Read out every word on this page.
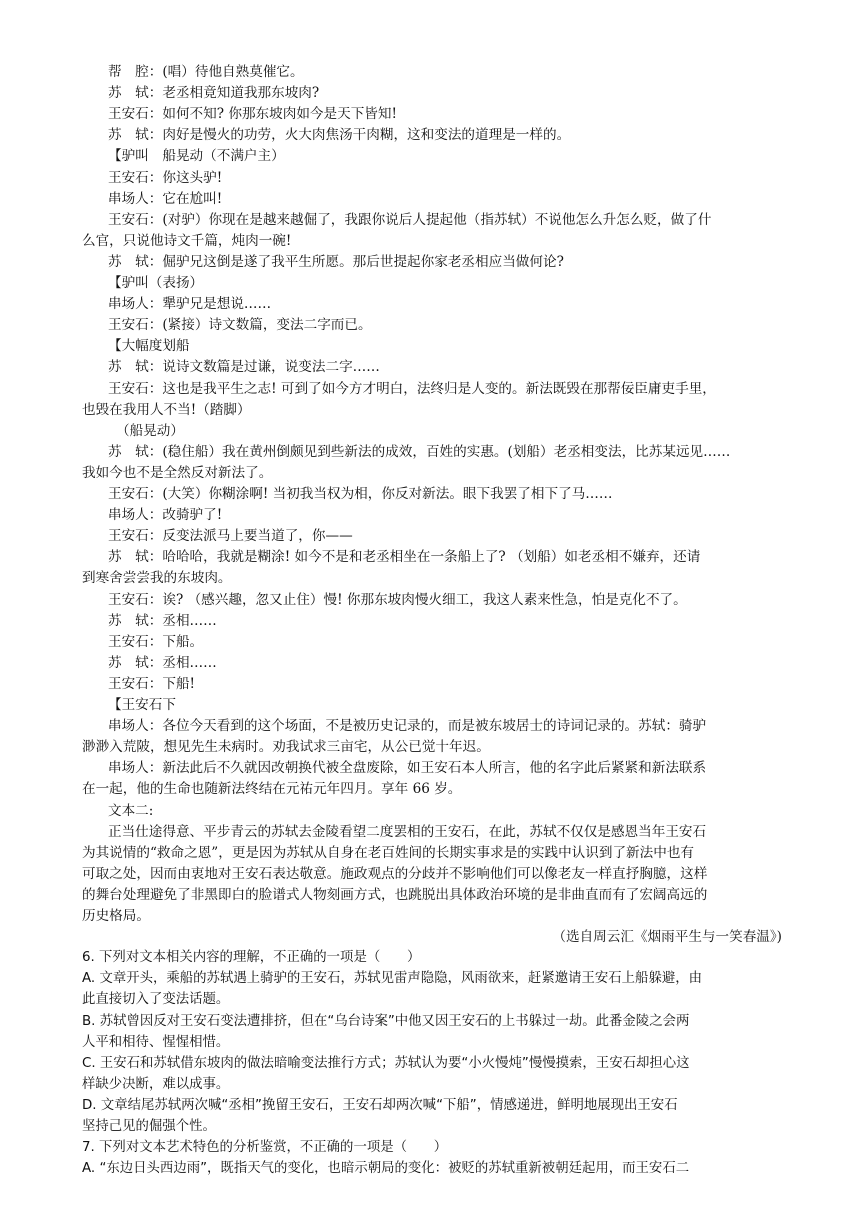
帮　腔：(唱）待他自熟莫催它。
苏　轼：老丞相竟知道我那东坡肉?
王安石：如何不知? 你那东坡肉如今是天下皆知!
苏　轼：肉好是慢火的功劳，火大肉焦汤干肉糊，这和变法的道理是一样的。
【驴叫　船晃动（不满户主）
王安石：你这头驴!
串场人：它在尬叫!
王安石：(对驴）你现在是越来越倔了，我跟你说后人提起他（指苏轼）不说他怎么升怎么贬，做了什
么官，只说他诗文千篇，炖肉一碗!
苏　轼：倔驴兄这倒是遂了我平生所愿。那后世提起你家老丞相应当做何论?
【驴叫（表扬）
串场人：犟驴兄是想说……
王安石：(紧接）诗文数篇，变法二字而已。
【大幅度划船
苏　轼：说诗文数篇是过谦，说变法二字……
王安石：这也是我平生之志! 可到了如今方才明白，法终归是人变的。新法既毁在那帮佞臣庸吏手里，
也毁在我用人不当!（踏脚）
（船晃动）
苏　轼：(稳住船）我在黄州倒颇见到些新法的成效，百姓的实惠。(划船）老丞相变法，比苏某远见……
我如今也不是全然反对新法了。
王安石：(大笑）你糊涂啊! 当初我当权为相，你反对新法。眼下我罢了相下了马……
串场人：改骑驴了!
王安石：反变法派马上要当道了，你——
苏　轼：哈哈哈，我就是糊涂! 如今不是和老丞相坐在一条船上了? （划船）如老丞相不嫌弃，还请
到寒舍尝尝我的东坡肉。
王安石：诶? （感兴趣，忽又止住）慢! 你那东坡肉慢火细工，我这人素来性急，怕是克化不了。
苏　轼：丞相……
王安石：下船。
苏　轼：丞相……
王安石：下船!
【王安石下
串场人：各位今天看到的这个场面，不是被历史记录的，而是被东坡居士的诗词记录的。苏轼：骑驴
渺渺入荒陂，想见先生未病时。劝我试求三亩宅，从公已觉十年迟。
串场人：新法此后不久就因改朝换代被全盘废除，如王安石本人所言，他的名字此后紧紧和新法联系
在一起，他的生命也随新法终结在元祐元年四月。享年 66 岁。
文本二:
正当仕途得意、平步青云的苏轼去金陵看望二度罢相的王安石，在此，苏轼不仅仅是感恩当年王安石
为其说情的“救命之恩”，更是因为苏轼从自身在老百姓间的长期实事求是的实践中认识到了新法中也有
可取之处，因而由衷地对王安石表达敬意。施政观点的分歧并不影响他们可以像老友一样直抒胸臆，这样
的舞台处理避免了非黑即白的脸谱式人物刻画方式，也跳脱出具体政治环境的是非曲直而有了宏阔高远的
历史格局。
（选自周云汇《烟雨平生与一笑春温》)
6. 下列对文本相关内容的理解，不正确的一项是（　　）
A. 文章开头，乘船的苏轼遇上骑驴的王安石，苏轼见雷声隐隐，风雨欲来，赶紧邀请王安石上船躲避，由
此直接切入了变法话题。
B. 苏轼曾因反对王安石变法遭排挤，但在“乌台诗案”中他又因王安石的上书躲过一劫。此番金陵之会两
人平和相待、惺惺相惜。
C. 王安石和苏轼借东坡肉的做法暗喻变法推行方式；苏轼认为要“小火慢炖”慢慢摸索，王安石却担心这
样缺少决断，难以成事。
D. 文章结尾苏轼两次喊“丞相”挽留王安石，王安石却两次喊“下船”，情感递进，鲜明地展现出王安石
坚持己见的倔强个性。
7. 下列对文本艺术特色的分析鉴赏，不正确的一项是（　　）
A. “东边日头西边雨”，既指天气的变化，也暗示朝局的变化：被贬的苏轼重新被朝廷起用，而王安石二
